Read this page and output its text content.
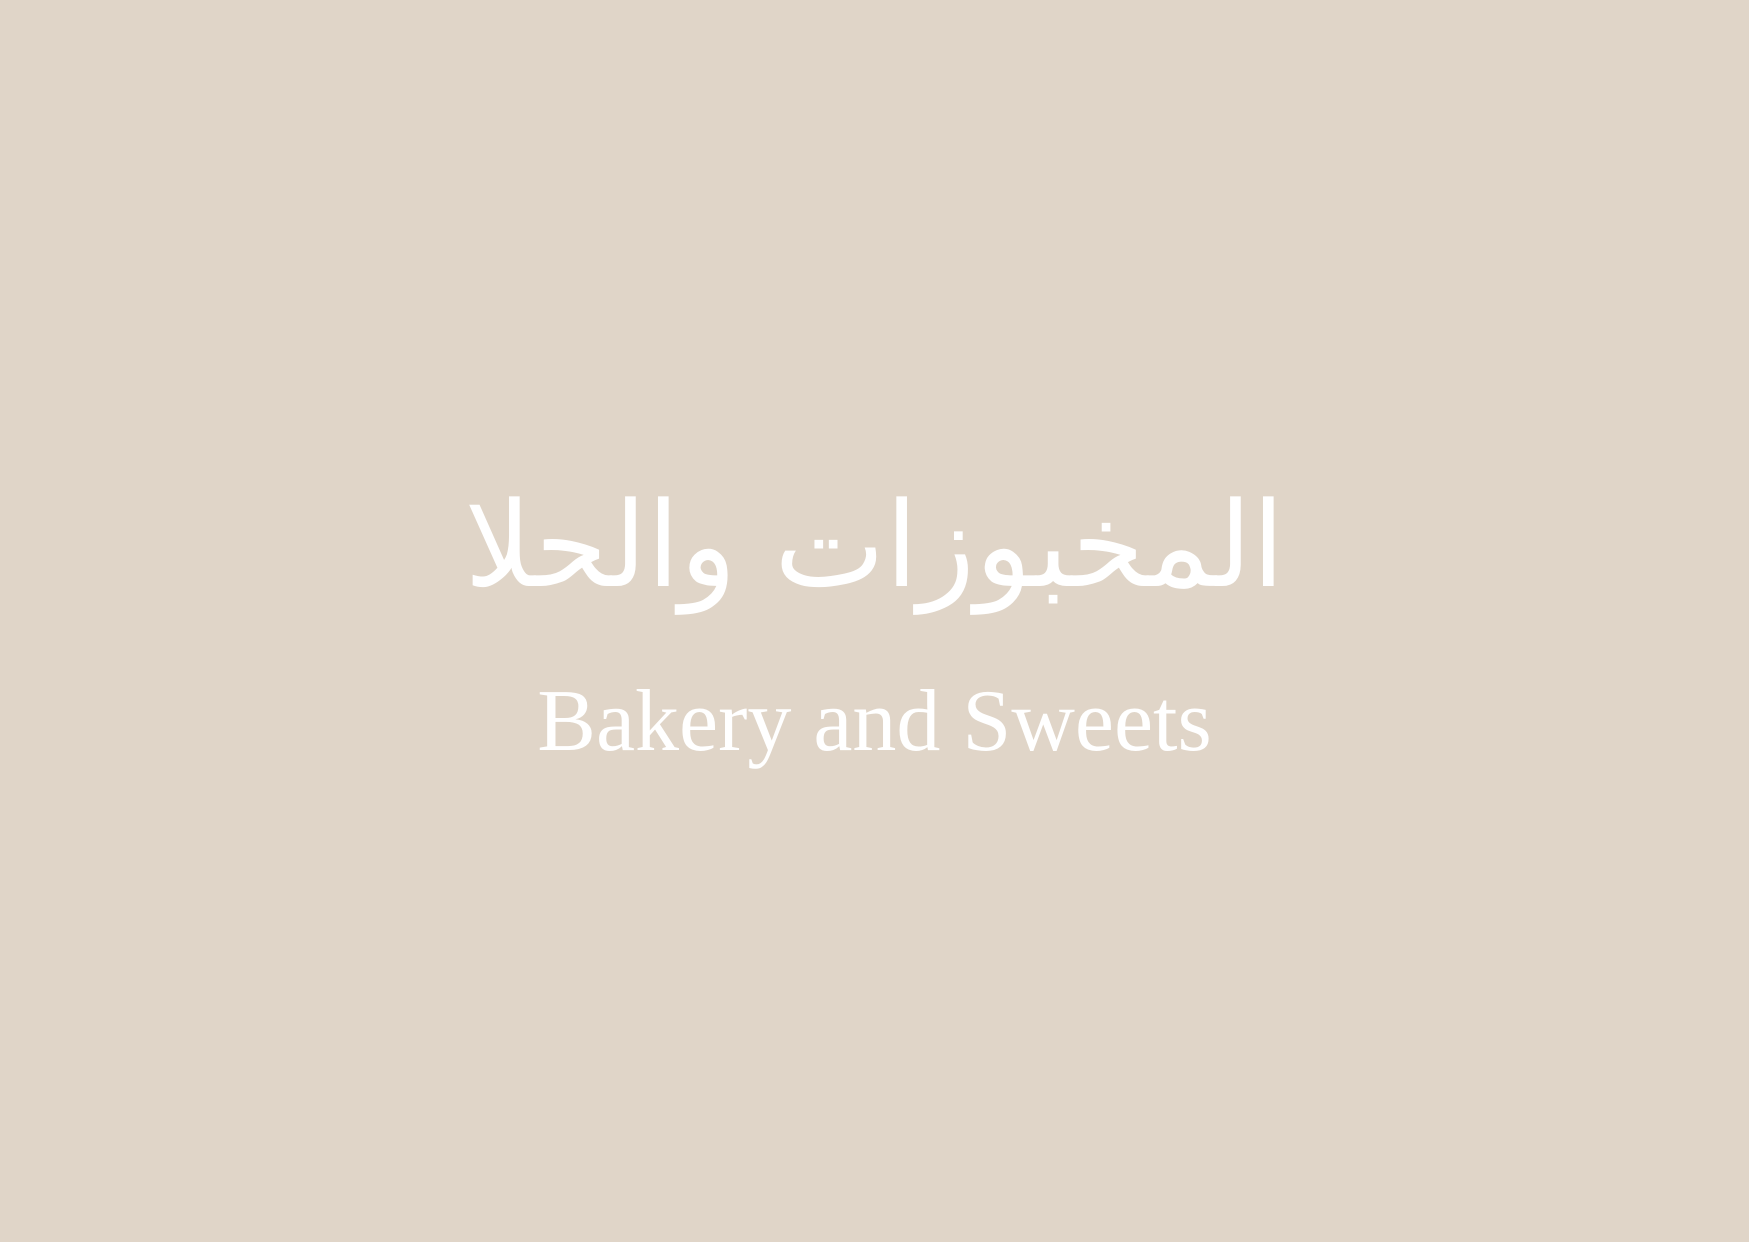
المخبوزات والحلا
Bakery and Sweets
